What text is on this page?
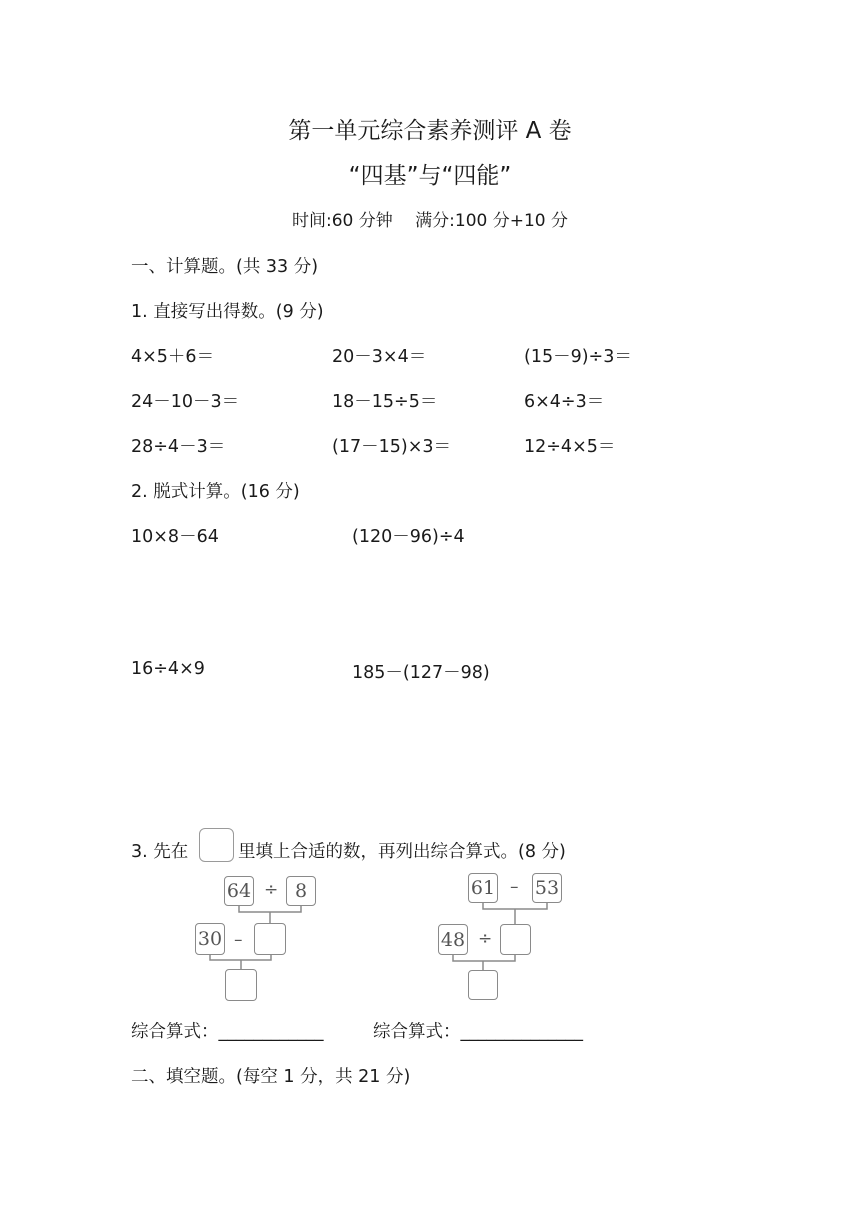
第一单元综合素养测评 A 卷
“四基”与“四能”
时间:60 分钟　 满分:100 分+10 分
一、计算题。(共 33 分)
1. 直接写出得数。(9 分)
4×5＋6＝	20－3×4＝	(15－9)÷3＝
24－10－3＝	18－15÷5＝	6×4÷3＝
28÷4－3＝	(17－15)×3＝	12÷4×5＝
2. 脱式计算。(16 分)
10×8－64	(120－96)÷4
16÷4×9	185－(127－98)
3. 先在	里填上合适的数，再列出综合算式。(8 分)
64 ÷ 8
30 –
61 – 53
48 ÷
综合算式：____________	综合算式：______________
二、填空题。(每空 1 分，共 21 分)
